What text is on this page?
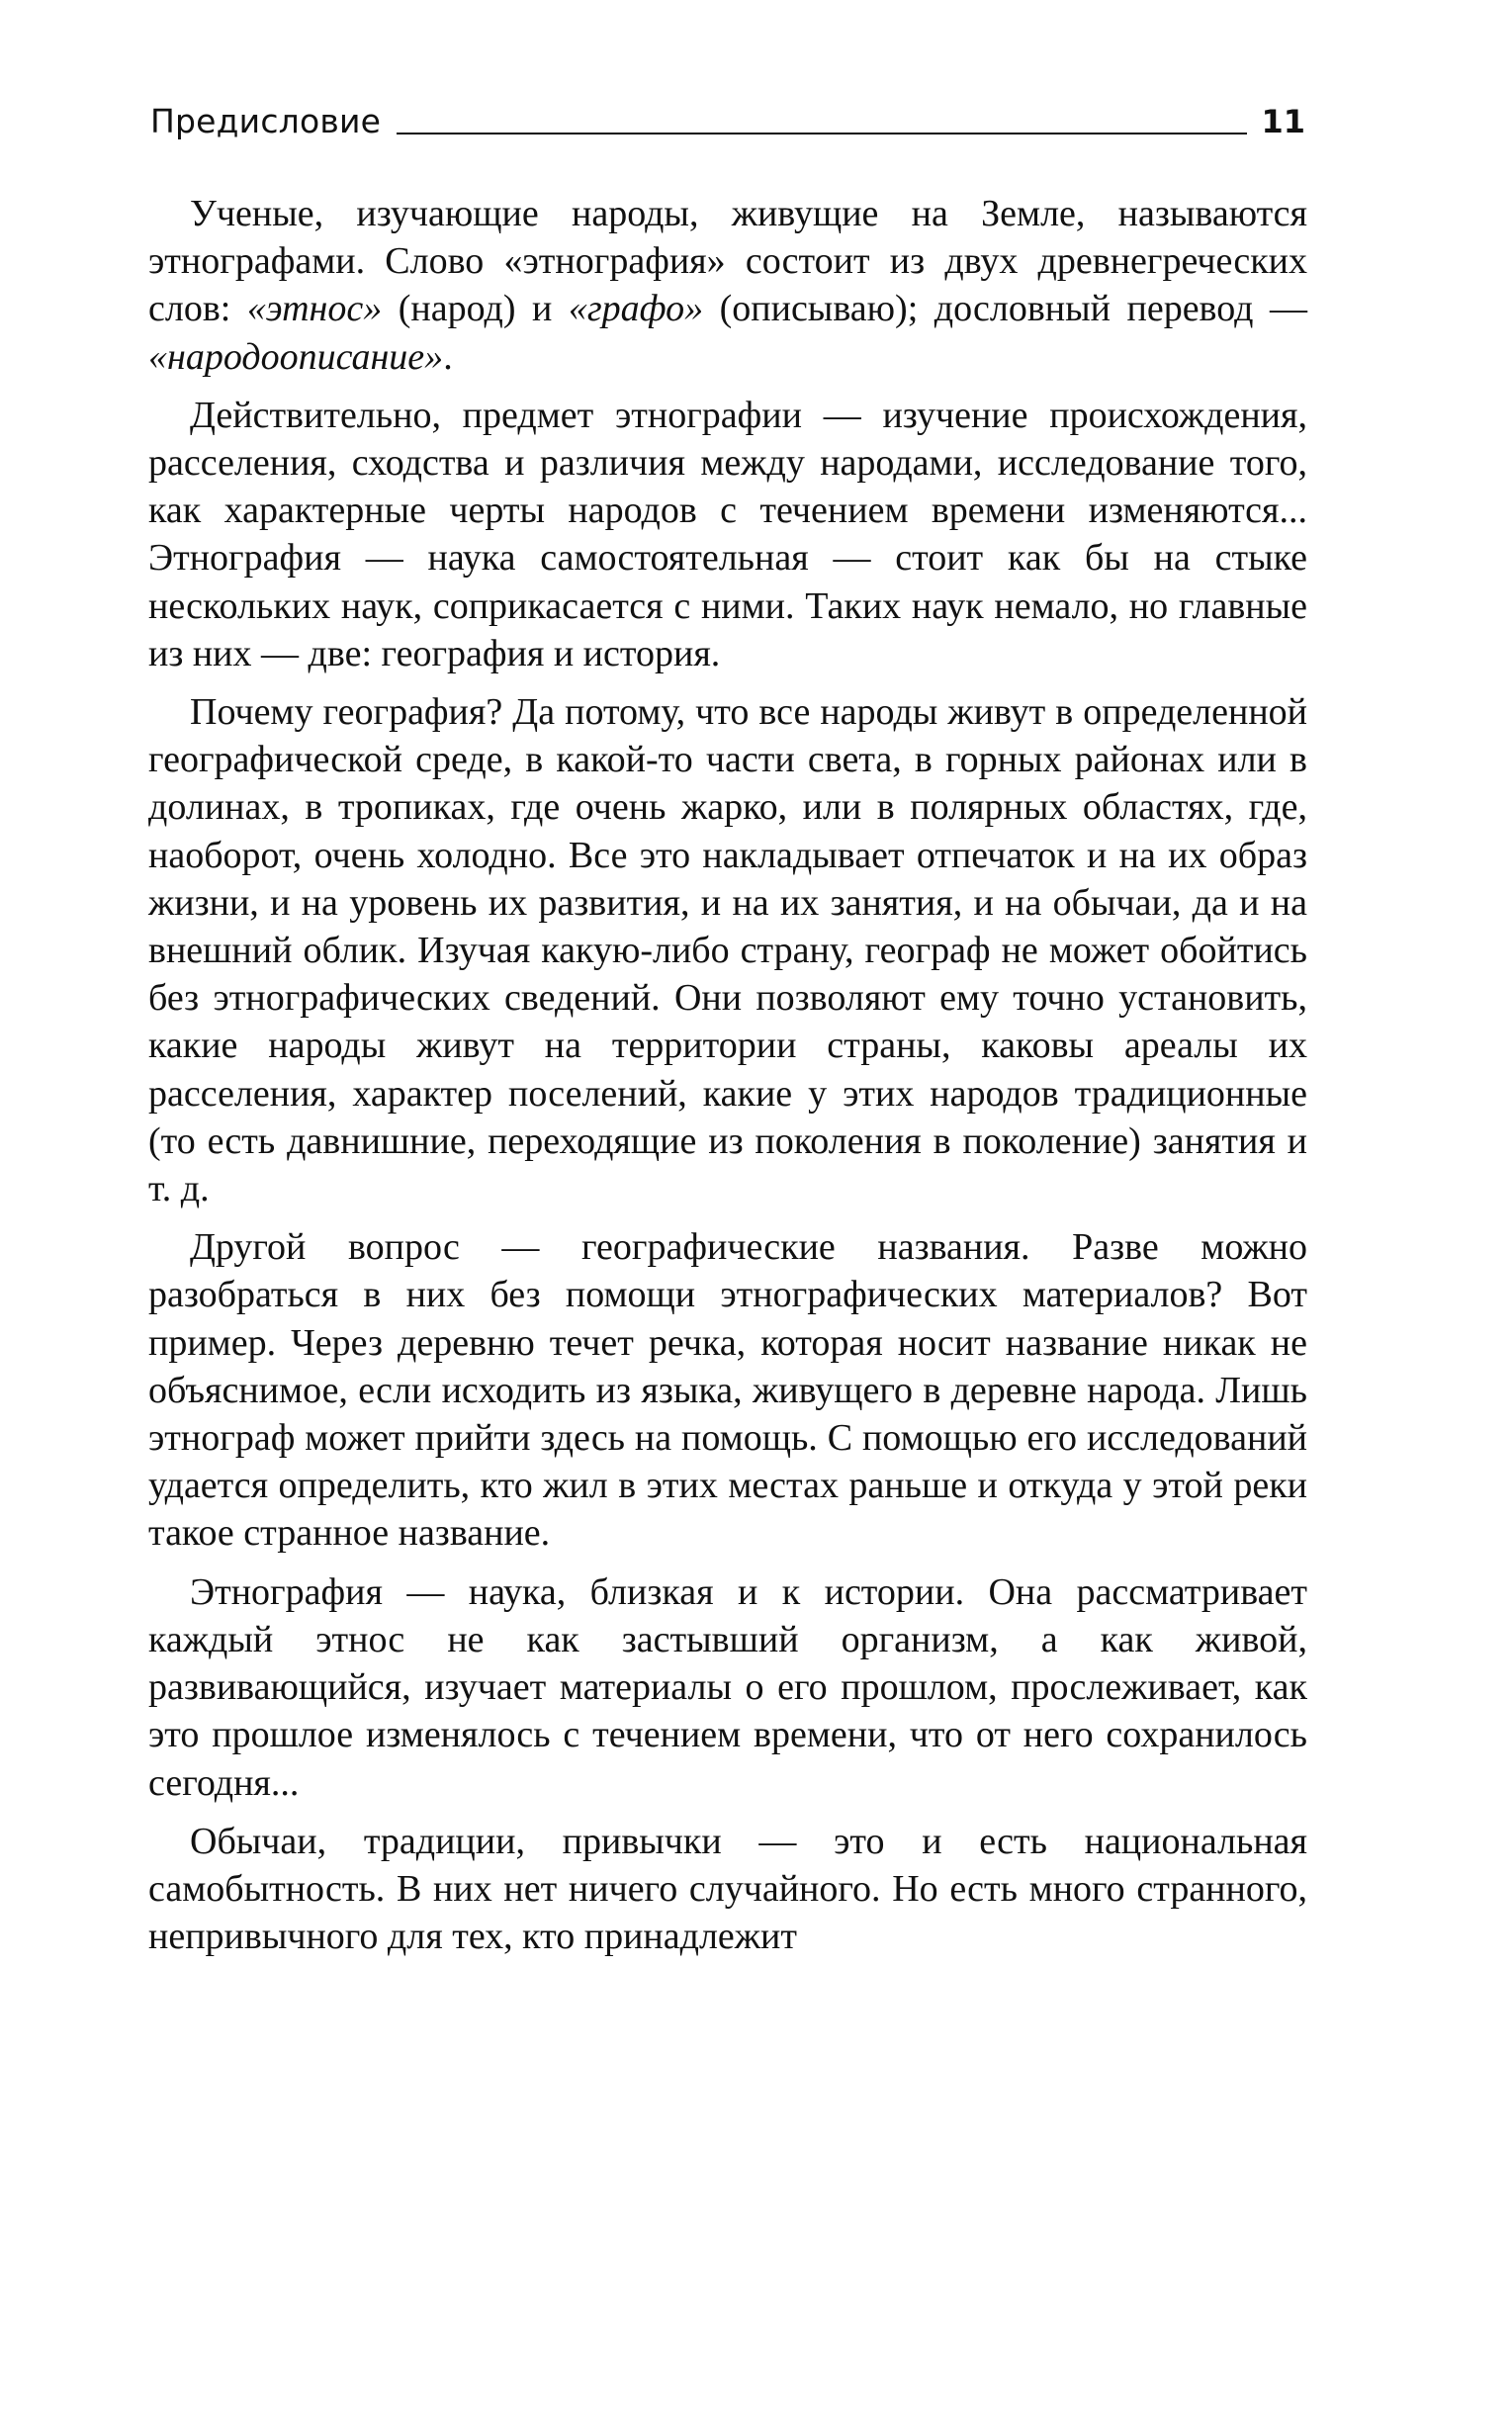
Предисловие	11

Ученые, изучающие народы, живущие на Земле, называются этнографами. Слово «этнография» состоит из двух древнегреческих слов: «этнос» (народ) и «графо» (описываю); дословный перевод — «народоописание».

Действительно, предмет этнографии — изучение происхождения, расселения, сходства и различия между народами, исследование того, как характерные черты народов с течением времени изменяются... Этнография — наука самостоятельная — стоит как бы на стыке нескольких наук, соприкасается с ними. Таких наук немало, но главные из них — две: география и история.

Почему география? Да потому, что все народы живут в определенной географической среде, в какой-то части света, в горных районах или в долинах, в тропиках, где очень жарко, или в полярных областях, где, наоборот, очень холодно. Все это накладывает отпечаток и на их образ жизни, и на уровень их развития, и на их занятия, и на обычаи, да и на внешний облик. Изучая какую-либо страну, географ не может обойтись без этнографических сведений. Они позволяют ему точно установить, какие народы живут на территории страны, каковы ареалы их расселения, характер поселений, какие у этих народов традиционные (то есть давнишние, переходящие из поколения в поколение) занятия и т. д.

Другой вопрос — географические названия. Разве можно разобраться в них без помощи этнографических материалов? Вот пример. Через деревню течет речка, которая носит название никак не объяснимое, если исходить из языка, живущего в деревне народа. Лишь этнограф может прийти здесь на помощь. С помощью его исследований удается определить, кто жил в этих местах раньше и откуда у этой реки такое странное название.

Этнография — наука, близкая и к истории. Она рассматривает каждый этнос не как застывший организм, а как живой, развивающийся, изучает материалы о его прошлом, прослеживает, как это прошлое изменялось с течением времени, что от него сохранилось сегодня...

Обычаи, традиции, привычки — это и есть национальная самобытность. В них нет ничего случайного. Но есть много странного, непривычного для тех, кто принадлежит
